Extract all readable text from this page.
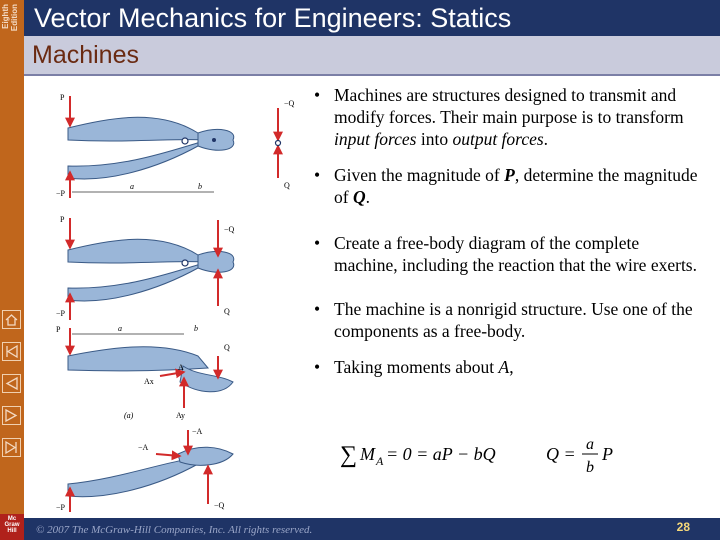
Eighth Edition
Mc
Graw
Hill
Vector Mechanics for Engineers: Statics
Machines
P
−P
−Q
Q
a	b
P
−P
−Q
Q
P
Q
a	b
A
Ax
Ay
(a)
−A
−A
−Q
−P
• Machines are structures designed to transmit and modify forces. Their main purpose is to transform input forces into output forces.
• Given the magnitude of P, determine the magnitude of Q.
• Create a free-body diagram of the complete machine, including the reaction that the wire exerts.
• The machine is a nonrigid structure. Use one of the components as a free-body.
• Taking moments about A,
∑ M A = 0 = aP − bQ	Q = a
b
P
© 2007 The McGraw-Hill Companies, Inc. All rights reserved.	28
